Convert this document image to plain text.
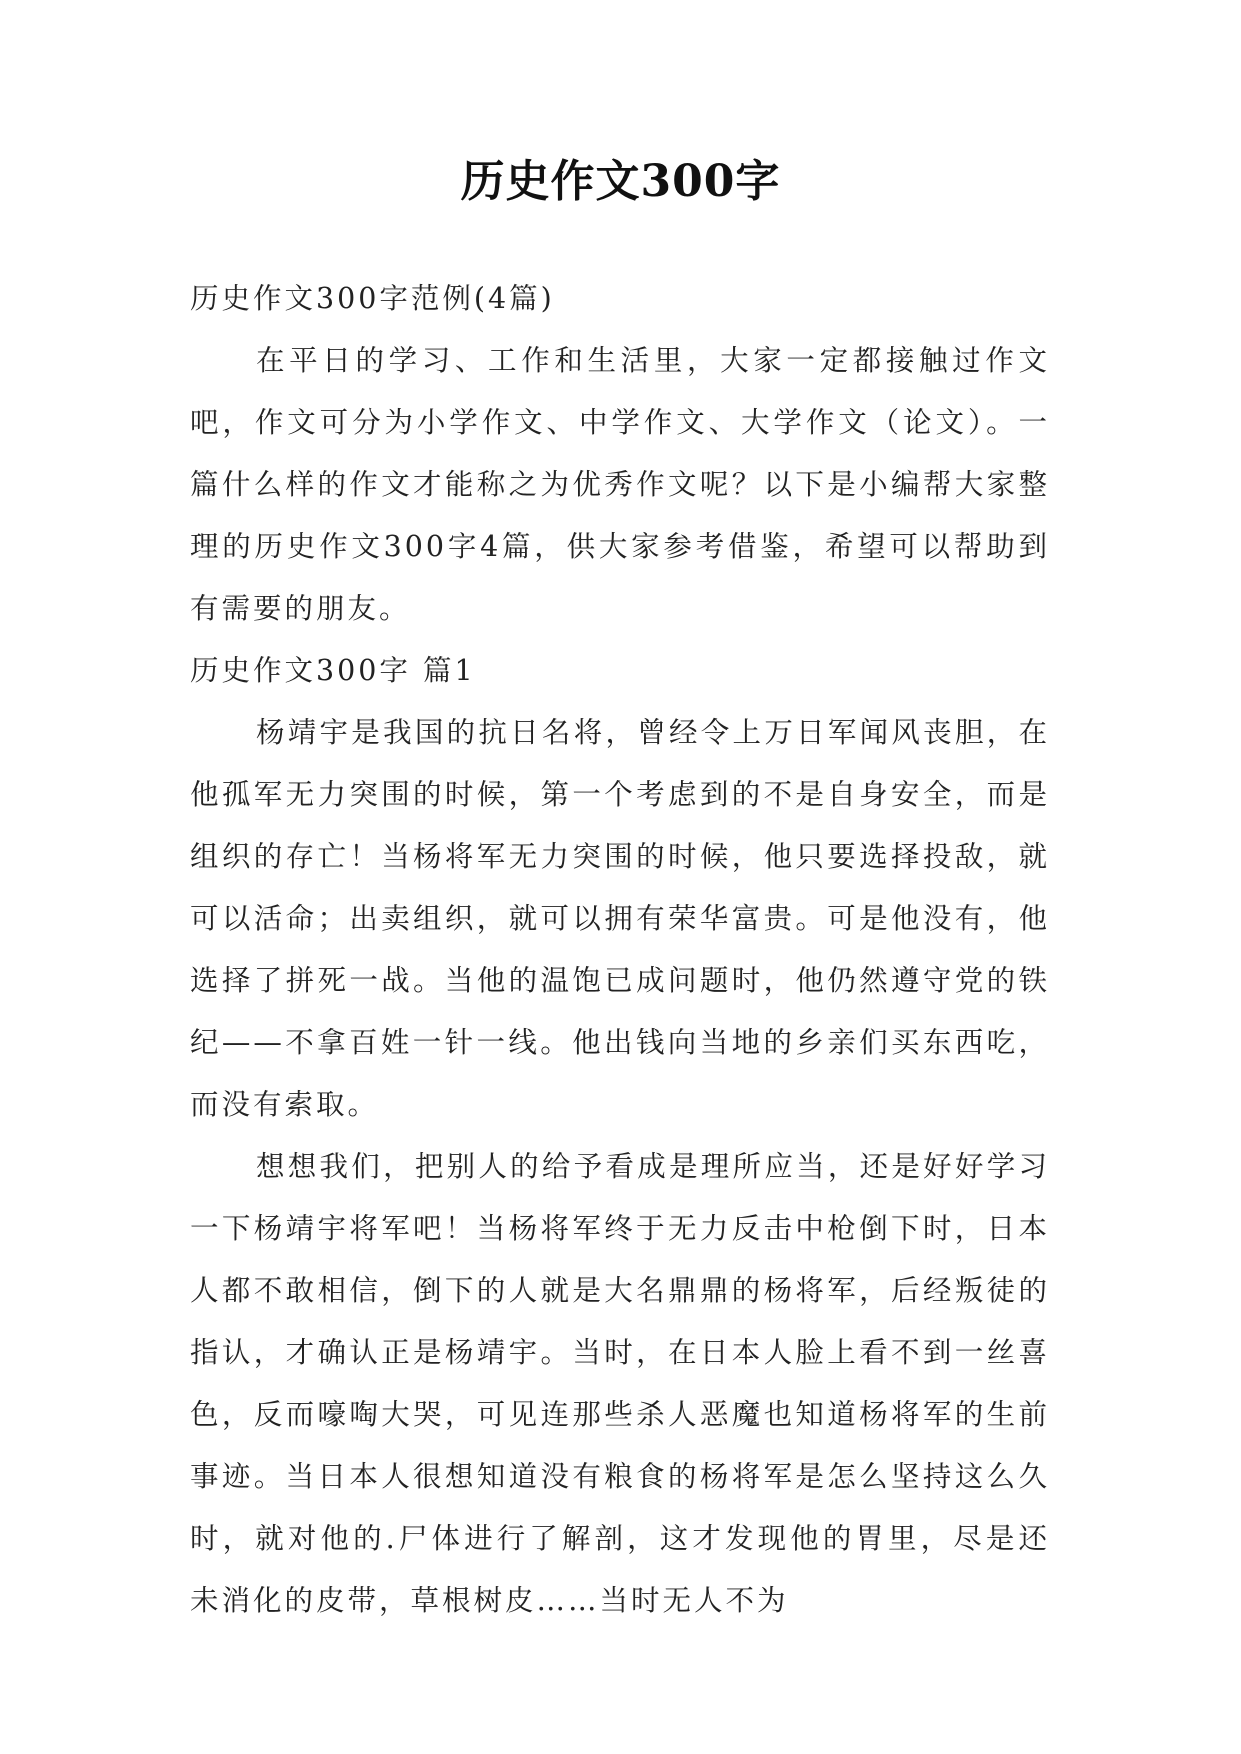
历史作文300字

历史作文300字范例(4篇)

在平日的学习、工作和生活里，大家一定都接触过作文吧，作文可分为小学作文、中学作文、大学作文（论文）。一篇什么样的作文才能称之为优秀作文呢？以下是小编帮大家整理的历史作文300字4篇，供大家参考借鉴，希望可以帮助到有需要的朋友。

历史作文300字 篇1

杨靖宇是我国的抗日名将，曾经令上万日军闻风丧胆，在他孤军无力突围的时候，第一个考虑到的不是自身安全，而是组织的存亡！当杨将军无力突围的时候，他只要选择投敌，就可以活命；出卖组织，就可以拥有荣华富贵。可是他没有，他选择了拼死一战。当他的温饱已成问题时，他仍然遵守党的铁纪——不拿百姓一针一线。他出钱向当地的乡亲们买东西吃，而没有索取。

想想我们，把别人的给予看成是理所应当，还是好好学习一下杨靖宇将军吧！当杨将军终于无力反击中枪倒下时，日本人都不敢相信，倒下的人就是大名鼎鼎的杨将军，后经叛徒的指认，才确认正是杨靖宇。当时，在日本人脸上看不到一丝喜色，反而嚎啕大哭，可见连那些杀人恶魔也知道杨将军的生前事迹。当日本人很想知道没有粮食的杨将军是怎么坚持这么久时，就对他的.尸体进行了解剖，这才发现他的胃里，尽是还未消化的皮带，草根树皮……当时无人不为
